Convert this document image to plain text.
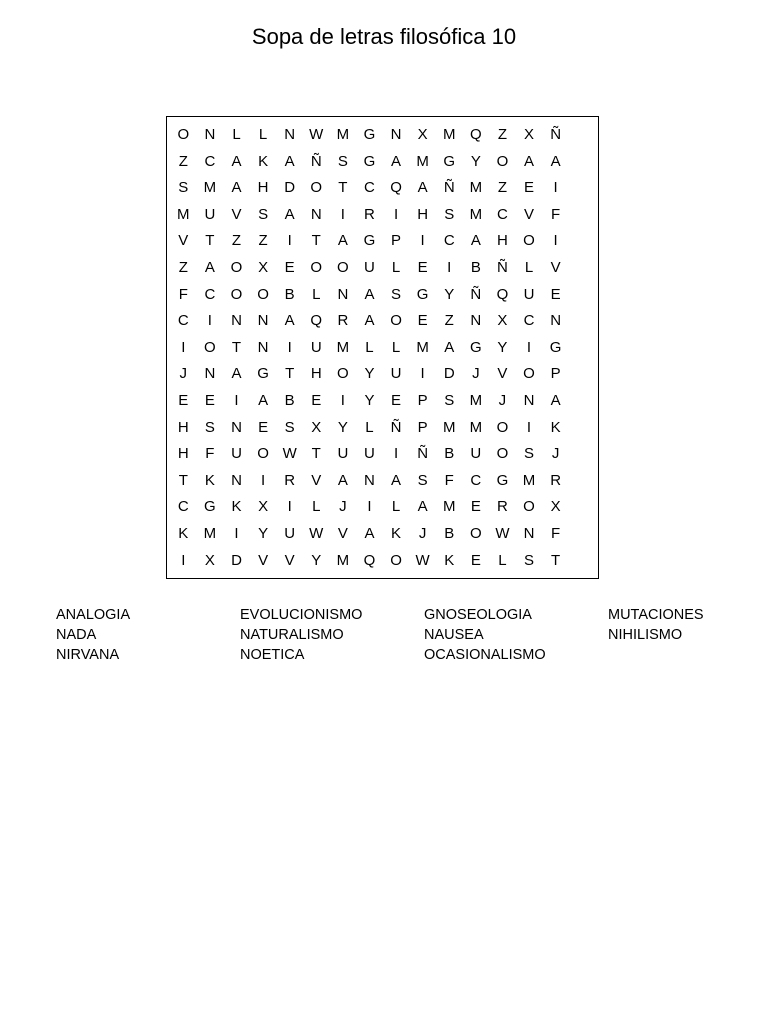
Sopa de letras filosófica 10
O	N	L	L	N W M G	N	X	M Q	Z	X	Ñ
Z	C	A	K	A	Ñ	S	G	A	M G	Y	O	A	A
S	M	A	H	D	O	T	C	Q	A	Ñ M	Z	E	I
M U	V	S	A	N	I	R	I	H	S	M C	V	F
V	T	Z	Z	I	T	A	G	P	I	C	A	H	O	I
Z	A	O	X	E	O O	U	L	E	I	B	Ñ	L	V
F	C	O O	B	L	N	A	S	G	Y	Ñ	Q	U	E
C	I	N	N	A	Q	R	A	O	E	Z	N	X	C	N
I	O	T	N	I	U M	L	L	M	A	G	Y	I	G
J	N	A	G	T	H	O	Y	U	I	D	J	V	O	P
E	E	I	A	B	E	I	Y	E	P	S	M	J	N	A
H	S	N	E	S	X	Y	L	Ñ	P	M M O	I	K
H	F	U	O W T	U	U	I	Ñ	B	U	O	S	J
T	K	N	I	R	V	A	N	A	S	F	C	G M R
C	G	K	X	I	L	J	I	L	A	M	E	R	O	X
K	M	I	Y	U W V	A	K	J	B	O W N	F
I	X	D	V	V	Y	M Q O W K	E	L	S	T
ANALOGIA	EVOLUCIONISMO	GNOSEOLOGIA	MUTACIONES
NADA	NATURALISMO	NAUSEA	NIHILISMO
NIRVANA	NOETICA	OCASIONALISMO
